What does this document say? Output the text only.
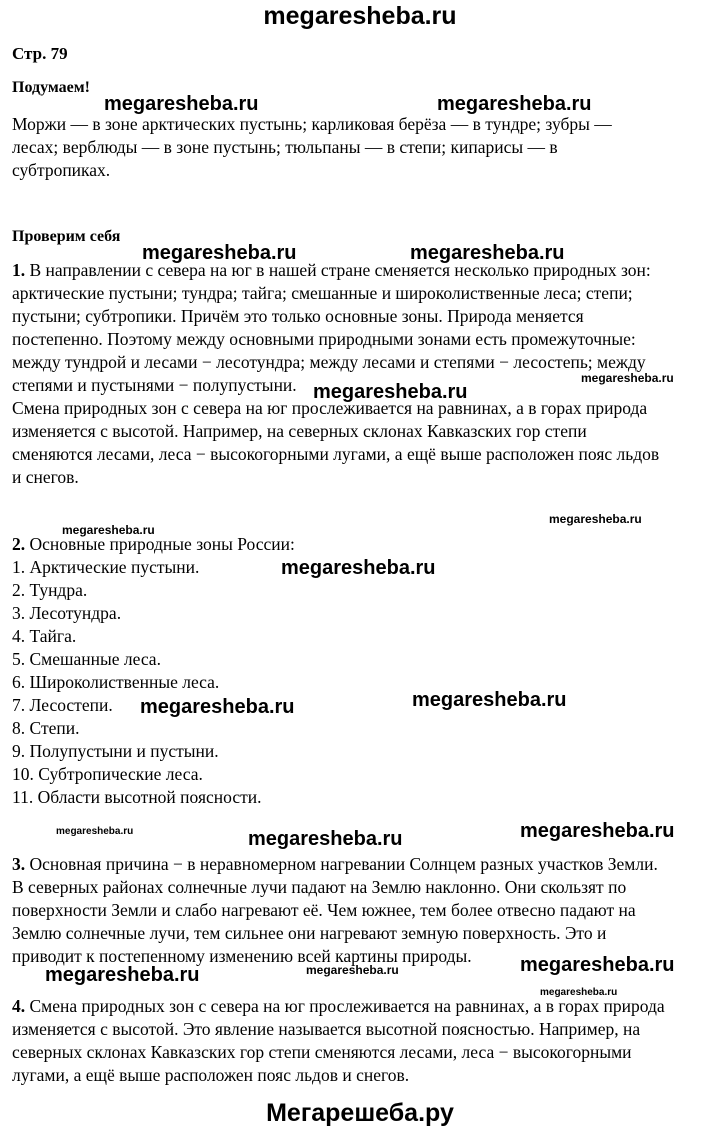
megaresheba.ru
Стр. 79
Подумаем!
Моржи — в зоне арктических пустынь; карликовая берёза — в тундре; зубры —
лесах; верблюды — в зоне пустынь; тюльпаны — в степи; кипарисы — в
субтропиках.
Проверим себя
1. В направлении с севера на юг в нашей стране сменяется несколько природных зон:
арктические пустыни; тундра; тайга; смешанные и широколиственные леса; степи;
пустыни; субтропики. Причём это только основные зоны. Природа меняется
постепенно. Поэтому между основными природными зонами есть промежуточные:
между тундрой и лесами − лесотундра; между лесами и степями − лесостепь; между
степями и пустынями − полупустыни.
Смена природных зон с севера на юг прослеживается на равнинах, а в горах природа
изменяется с высотой. Например, на северных склонах Кавказских гор степи
сменяются лесами, леса − высокогорными лугами, а ещё выше расположен пояс льдов
и снегов.
2. Основные природные зоны России:
1. Арктические пустыни.
2. Тундра.
3. Лесотундра.
4. Тайга.
5. Смешанные леса.
6. Широколиственные леса.
7. Лесостепи.
8. Степи.
9. Полупустыни и пустыни.
10. Субтропические леса.
11. Области высотной поясности.
3. Основная причина − в неравномерном нагревании Солнцем разных участков Земли.
В северных районах солнечные лучи падают на Землю наклонно. Они скользят по
поверхности Земли и слабо нагревают её. Чем южнее, тем более отвесно падают на
Землю солнечные лучи, тем сильнее они нагревают земную поверхность. Это и
приводит к постепенному изменению всей картины природы.
4. Смена природных зон с севера на юг прослеживается на равнинах, а в горах природа
изменяется с высотой. Это явление называется высотной поясностью. Например, на
северных склонах Кавказских гор степи сменяются лесами, леса − высокогорными
лугами, а ещё выше расположен пояс льдов и снегов.
megaresheba.ru	megaresheba.ru
megaresheba.ru	megaresheba.ru
megaresheba.ru
megaresheba.ru
megaresheba.ru
megaresheba.ru
megaresheba.ru
megaresheba.ru
megaresheba.ru
megaresheba.ru
megaresheba.ru	megaresheba.ru
megaresheba.ru
megaresheba.ru
megaresheba.ru
megaresheba.ru
Мегарешеба.ру
